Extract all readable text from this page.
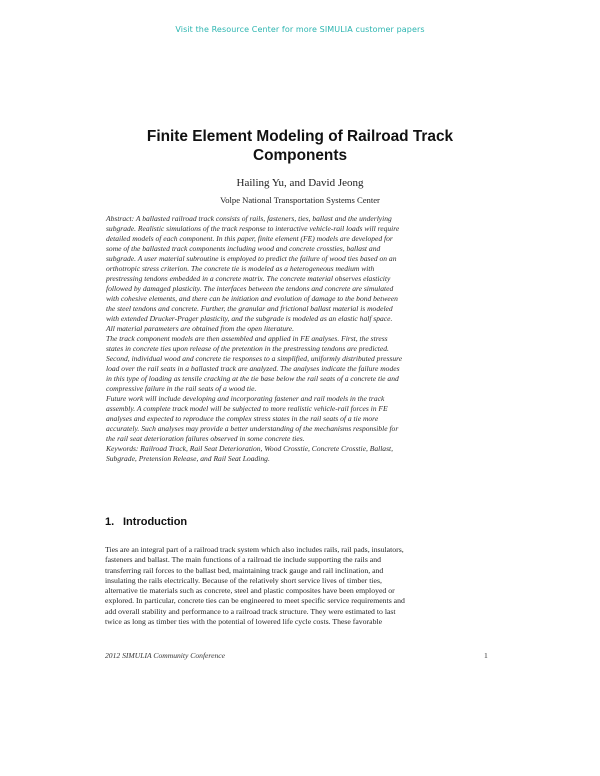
Visit the Resource Center for more SIMULIA customer papers
Finite Element Modeling of Railroad Track
Components
Hailing Yu, and David Jeong
Volpe National Transportation Systems Center

Abstract: A ballasted railroad track consists of rails, fasteners, ties, ballast and the underlying
subgrade. Realistic simulations of the track response to interactive vehicle-rail loads will require
detailed models of each component. In this paper, finite element (FE) models are developed for
some of the ballasted track components including wood and concrete crossties, ballast and
subgrade. A user material subroutine is employed to predict the failure of wood ties based on an
orthotropic stress criterion. The concrete tie is modeled as a heterogeneous medium with
prestressing tendons embedded in a concrete matrix. The concrete material observes elasticity
followed by damaged plasticity. The interfaces between the tendons and concrete are simulated
with cohesive elements, and there can be initiation and evolution of damage to the bond between
the steel tendons and concrete. Further, the granular and frictional ballast material is modeled
with extended Drucker-Prager plasticity, and the subgrade is modeled as an elastic half space.
All material parameters are obtained from the open literature.

The track component models are then assembled and applied in FE analyses. First, the stress
states in concrete ties upon release of the pretention in the prestressing tendons are predicted.
Second, individual wood and concrete tie responses to a simplified, uniformly distributed pressure
load over the rail seats in a ballasted track are analyzed. The analyses indicate the failure modes
in this type of loading as tensile cracking at the tie base below the rail seats of a concrete tie and
compressive failure in the rail seats of a wood tie.

Future work will include developing and incorporating fastener and rail models in the track
assembly. A complete track model will be subjected to more realistic vehicle-rail forces in FE
analyses and expected to reproduce the complex stress states in the rail seats of a tie more
accurately. Such analyses may provide a better understanding of the mechanisms responsible for
the rail seat deterioration failures observed in some concrete ties.

Keywords: Railroad Track, Rail Seat Deterioration, Wood Crosstie, Concrete Crosstie, Ballast,
Subgrade, Pretension Release, and Rail Seat Loading.

1. Introduction
Ties are an integral part of a railroad track system which also includes rails, rail pads, insulators,
fasteners and ballast. The main functions of a railroad tie include supporting the rails and
transferring rail forces to the ballast bed, maintaining track gauge and rail inclination, and
insulating the rails electrically. Because of the relatively short service lives of timber ties,
alternative tie materials such as concrete, steel and plastic composites have been employed or
explored. In particular, concrete ties can be engineered to meet specific service requirements and
add overall stability and performance to a railroad track structure. They were estimated to last
twice as long as timber ties with the potential of lowered life cycle costs. These favorable
2012 SIMULIA Community Conference	1
